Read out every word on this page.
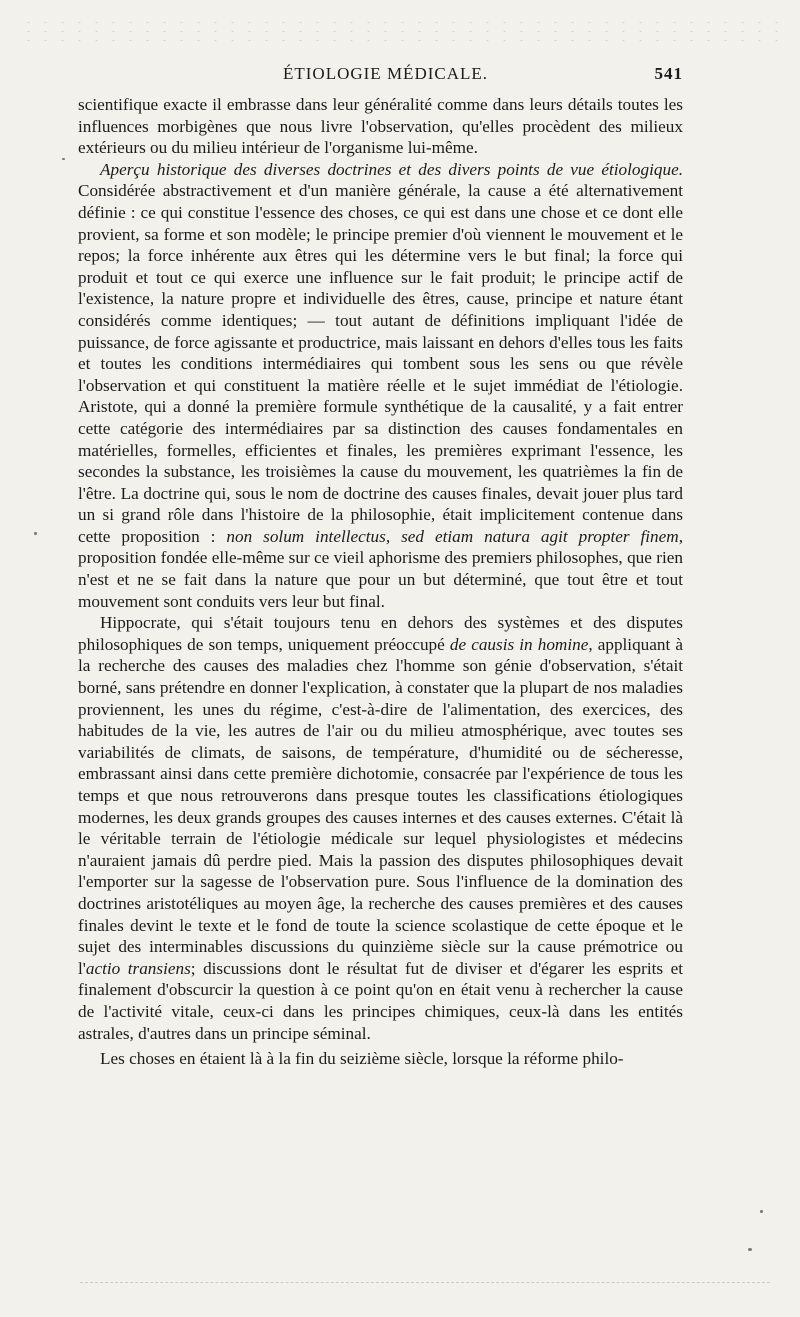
ÉTIOLOGIE MÉDICALE.	541

scientifique exacte il embrasse dans leur généralité comme dans leurs détails toutes les influences morbigènes que nous livre l'observation, qu'elles procèdent des milieux extérieurs ou du milieu intérieur de l'organisme lui-même.

Aperçu historique des diverses doctrines et des divers points de vue étiologique. Considérée abstractivement et d'un manière générale, la cause a été alternativement définie : ce qui constitue l'essence des choses, ce qui est dans une chose et ce dont elle provient, sa forme et son modèle; le principe premier d'où viennent le mouvement et le repos; la force inhérente aux êtres qui les détermine vers le but final; la force qui produit et tout ce qui exerce une influence sur le fait produit; le principe actif de l'existence, la nature propre et individuelle des êtres, cause, principe et nature étant considérés comme identiques; — tout autant de définitions impliquant l'idée de puissance, de force agissante et productrice, mais laissant en dehors d'elles tous les faits et toutes les conditions intermédiaires qui tombent sous les sens ou que révèle l'observation et qui constituent la matière réelle et le sujet immédiat de l'étiologie. Aristote, qui a donné la première formule synthétique de la causalité, y a fait entrer cette catégorie des intermédiaires par sa distinction des causes fondamentales en matérielles, formelles, efficientes et finales, les premières exprimant l'essence, les secondes la substance, les troisièmes la cause du mouvement, les quatrièmes la fin de l'être. La doctrine qui, sous le nom de doctrine des causes finales, devait jouer plus tard un si grand rôle dans l'histoire de la philosophie, était implicitement contenue dans cette proposition : non solum intellectus, sed etiam natura agit propter finem, proposition fondée elle-même sur ce vieil aphorisme des premiers philosophes, que rien n'est et ne se fait dans la nature que pour un but déterminé, que tout être et tout mouvement sont conduits vers leur but final.

Hippocrate, qui s'était toujours tenu en dehors des systèmes et des disputes philosophiques de son temps, uniquement préoccupé de causis in homine, appliquant à la recherche des causes des maladies chez l'homme son génie d'observation, s'était borné, sans prétendre en donner l'explication, à constater que la plupart de nos maladies proviennent, les unes du régime, c'est-à-dire de l'alimentation, des exercices, des habitudes de la vie, les autres de l'air ou du milieu atmosphérique, avec toutes ses variabilités de climats, de saisons, de température, d'humidité ou de sécheresse, embrassant ainsi dans cette première dichotomie, consacrée par l'expérience de tous les temps et que nous retrouverons dans presque toutes les classifications étiologiques modernes, les deux grands groupes des causes internes et des causes externes. C'était là le véritable terrain de l'étiologie médicale sur lequel physiologistes et médecins n'auraient jamais dû perdre pied. Mais la passion des disputes philosophiques devait l'emporter sur la sagesse de l'observation pure. Sous l'influence de la domination des doctrines aristotéliques au moyen âge, la recherche des causes premières et des causes finales devint le texte et le fond de toute la science scolastique de cette époque et le sujet des interminables discussions du quinzième siècle sur la cause prémotrice ou l'actio transiens; discussions dont le résultat fut de diviser et d'égarer les esprits et finalement d'obscurcir la question à ce point qu'on en était venu à rechercher la cause de l'activité vitale, ceux-ci dans les principes chimiques, ceux-là dans les entités astrales, d'autres dans un principe séminal.

Les choses en étaient là à la fin du seizième siècle, lorsque la réforme philo-
